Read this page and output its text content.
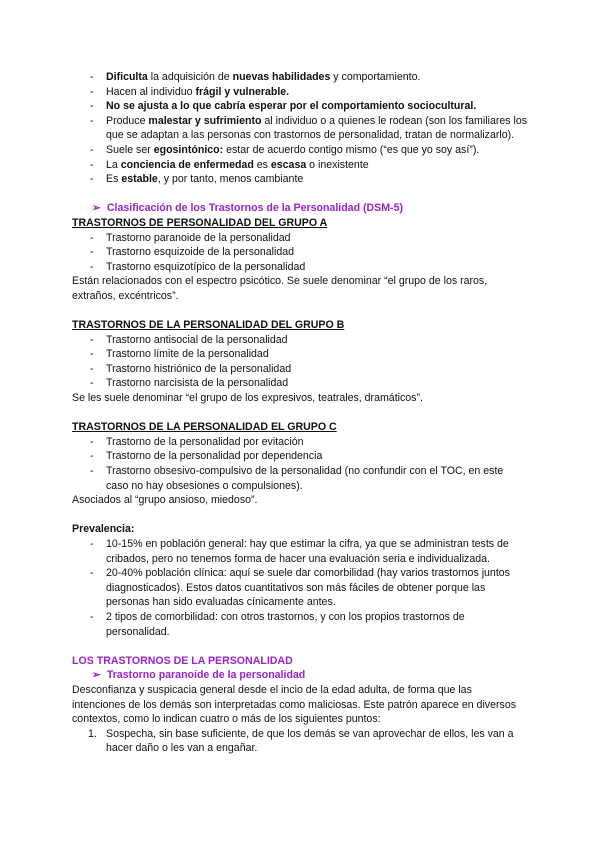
- Dificulta la adquisición de nuevas habilidades y comportamiento.

- Hacen al individuo frágil y vulnerable.

- No se ajusta a lo que cabría esperar por el comportamiento sociocultural.

- Produce malestar y sufrimiento al individuo o a quienes le rodean (son los familiares los que se adaptan a las personas con trastornos de personalidad, tratan de normalizarlo).

- Suele ser egosintónico: estar de acuerdo contigo mismo (“es que yo soy así”).

- La conciencia de enfermedad es escasa o inexistente

- Es estable, y por tanto, menos cambiante

➢ Clasificación de los Trastornos de la Personalidad (DSM-5)

TRASTORNOS DE PERSONALIDAD DEL GRUPO A

- Trastorno paranoide de la personalidad

- Trastorno esquizoide de la personalidad

- Trastorno esquizotípico de la personalidad

Están relacionados con el espectro psicótico. Se suele denominar “el grupo de los raros, extraños, excéntricos”.

TRASTORNOS DE LA PERSONALIDAD DEL GRUPO B

- Trastorno antisocial de la personalidad

- Trastorno límite de la personalidad

- Trastorno histriónico de la personalidad

- Trastorno narcisista de la personalidad

Se les suele denominar “el grupo de los expresivos, teatrales, dramáticos”.

TRASTORNOS DE LA PERSONALIDAD EL GRUPO C

- Trastorno de la personalidad por evitación

- Trastorno de la personalidad por dependencia

- Trastorno obsesivo-compulsivo de la personalidad (no confundir con el TOC, en este caso no hay obsesiones o compulsiones).

Asociados al “grupo ansioso, miedoso”.

Prevalencia:

- 10-15% en población general: hay que estimar la cifra, ya que se administran tests de cribados, pero no tenemos forma de hacer una evaluación seria e individualizada.

- 20-40% población clínica: aquí se suele dar comorbilidad (hay varios trastornos juntos diagnosticados). Estos datos cuantitativos son más fáciles de obtener porque las personas han sido evaluadas cínicamente antes.

- 2 tipos de comorbilidad: con otros trastornos, y con los propios trastornos de personalidad.

LOS TRASTORNOS DE LA PERSONALIDAD

➢ Trastorno paranoide de la personalidad

Desconfianza y suspicacia general desde el incio de la edad adulta, de forma que las intenciones de los demás son interpretadas como maliciosas. Este patrón aparece en diversos contextos, como lo indican cuatro o más de los siguientes puntos:

1. Sospecha, sin base suficiente, de que los demás se van aprovechar de ellos, les van a hacer daño o les van a engañar.
